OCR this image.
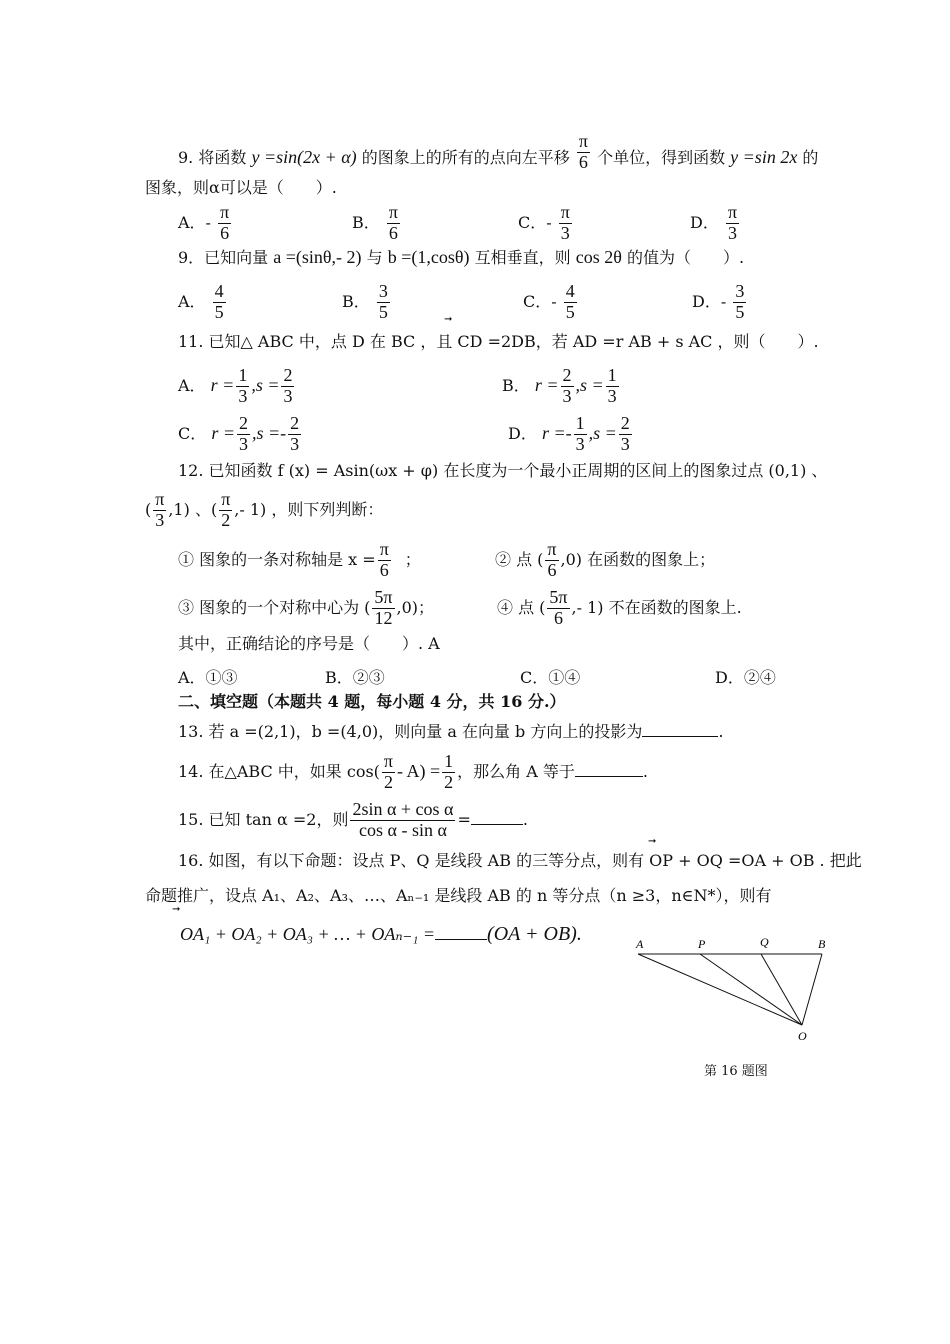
9. 将函数 y =sin(2x + α) 的图象上的所有的点向左平移 $\frac{\pi}{6}$ 个单位，得到函数 y =sin 2x 的
图象，则α可以是（　　）.
A．- $\frac{\pi}{6}$	B． $\frac{\pi}{6}$	C．- $\frac{\pi}{3}$	D． $\frac{\pi}{3}$
9．已知向量 a =(sinθ,- 2) 与 b =(1,cosθ) 互相垂直，则 cos 2θ 的值为（　　）.
A． $\frac{4}{5}$	B． $\frac{3}{5}$	C．- $\frac{4}{5}$	D．- $\frac{3}{5}$
➞
11. 已知△ ABC 中，点 D 在 BC ，且 CD =2DB，若 AD =r AB + s AC ，则（　　）.
A． $r = \frac{1}{3} ,s = \frac{2}{3}$	B． $r = \frac{2}{3} ,s = \frac{1}{3}$
C． $r = \frac{2}{3} ,s =- \frac{2}{3}$	D． $r =- \frac{1}{3} ,s = \frac{2}{3}$
12. 已知函数 f (x) = Asin(ωx + φ) 在长度为一个最小正周期的区间上的图象过点 (0,1) 、
( $\frac{\pi}{3} ,1$) 、( $\frac{\pi}{2}$ ,- 1) ，则下列判断：
① 图象的一条对称轴是 $x = \frac{\pi}{6}$ ；	② 点 ( $\frac{\pi}{6} ,0$) 在函数的图象上；
③ 图象的一个对称中心为 ( $\frac{5\pi}{12} ,0$)；	④ 点 ( $\frac{5\pi}{6}$ ,- 1) 不在函数的图象上.
其中，正确结论的序号是（　　）. A
A．①③	B．②③	C．①④	D．②④
二、填空题（本题共 4 题，每小题 4 分，共 16 分.）
13. 若 a =(2,1)，b =(4,0)，则向量 a 在向量 b 方向上的投影为	.
14. 在△ABC 中，如果 $\cos( \frac{\pi}{2} - A) = \frac{1}{2}$ ，那么角 A 等于	.
15. 已知 tan α =2，则 $\frac{\text{2sin α + cos α}}{\text{cos α - sin α}}$ =	.
➞
16. 如图，有以下命题：设点 P、Q 是线段 AB 的三等分点，则有 OP + OQ =OA + OB . 把此
➞
命题推广，设点 A₁、A₂、A₃、…、Aₙ₋₁ 是线段 AB 的 n 等分点（n ≥3，n∈N*），则有
OA₁ + OA₂ + OA₃ + … + OAₙ₋₁ =	(OA + OB).	A	P	Q	B
O
第 16 题图
